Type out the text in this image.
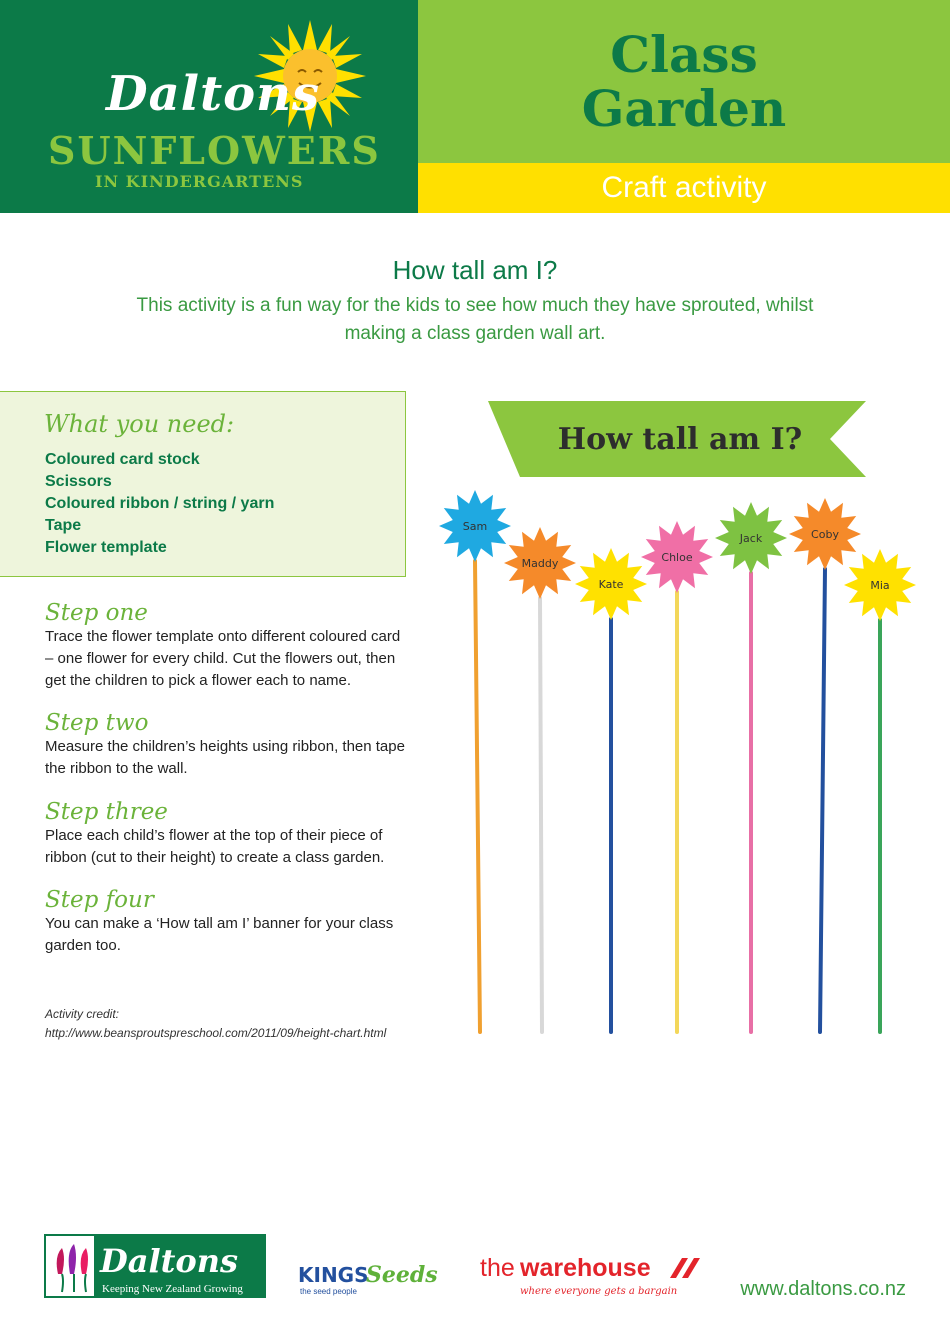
Daltons
SUNFLOWERS
IN KINDERGARTENS
Class
Garden
Craft activity
How tall am I?
This activity is a fun way for the kids to see how much they have sprouted, whilst making a class garden wall art.
What you need:
Coloured card stock
Scissors
Coloured ribbon / string / yarn
Tape
Flower template
Step one

Trace the flower template onto different coloured card – one flower for every child. Cut the flowers out, then get the children to pick a flower each to name.

Step two

Measure the children’s heights using ribbon, then tape the ribbon to the wall.

Step three

Place each child’s flower at the top of their piece of ribbon (cut to their height) to create a class garden.

Step four

You can make a ‘How tall am I’ banner for your class garden too.

Activity credit:
http://www.beansproutspreschool.com/2011/09/height-chart.html
How tall am I?
Sam
Maddy
Kate
Chloe
Jack	Coby
Mia
Daltons
Keeping New Zealand Growing
KINGS
Seeds
the seed people
the warehouse
where everyone gets a bargain	www.daltons.co.nz
